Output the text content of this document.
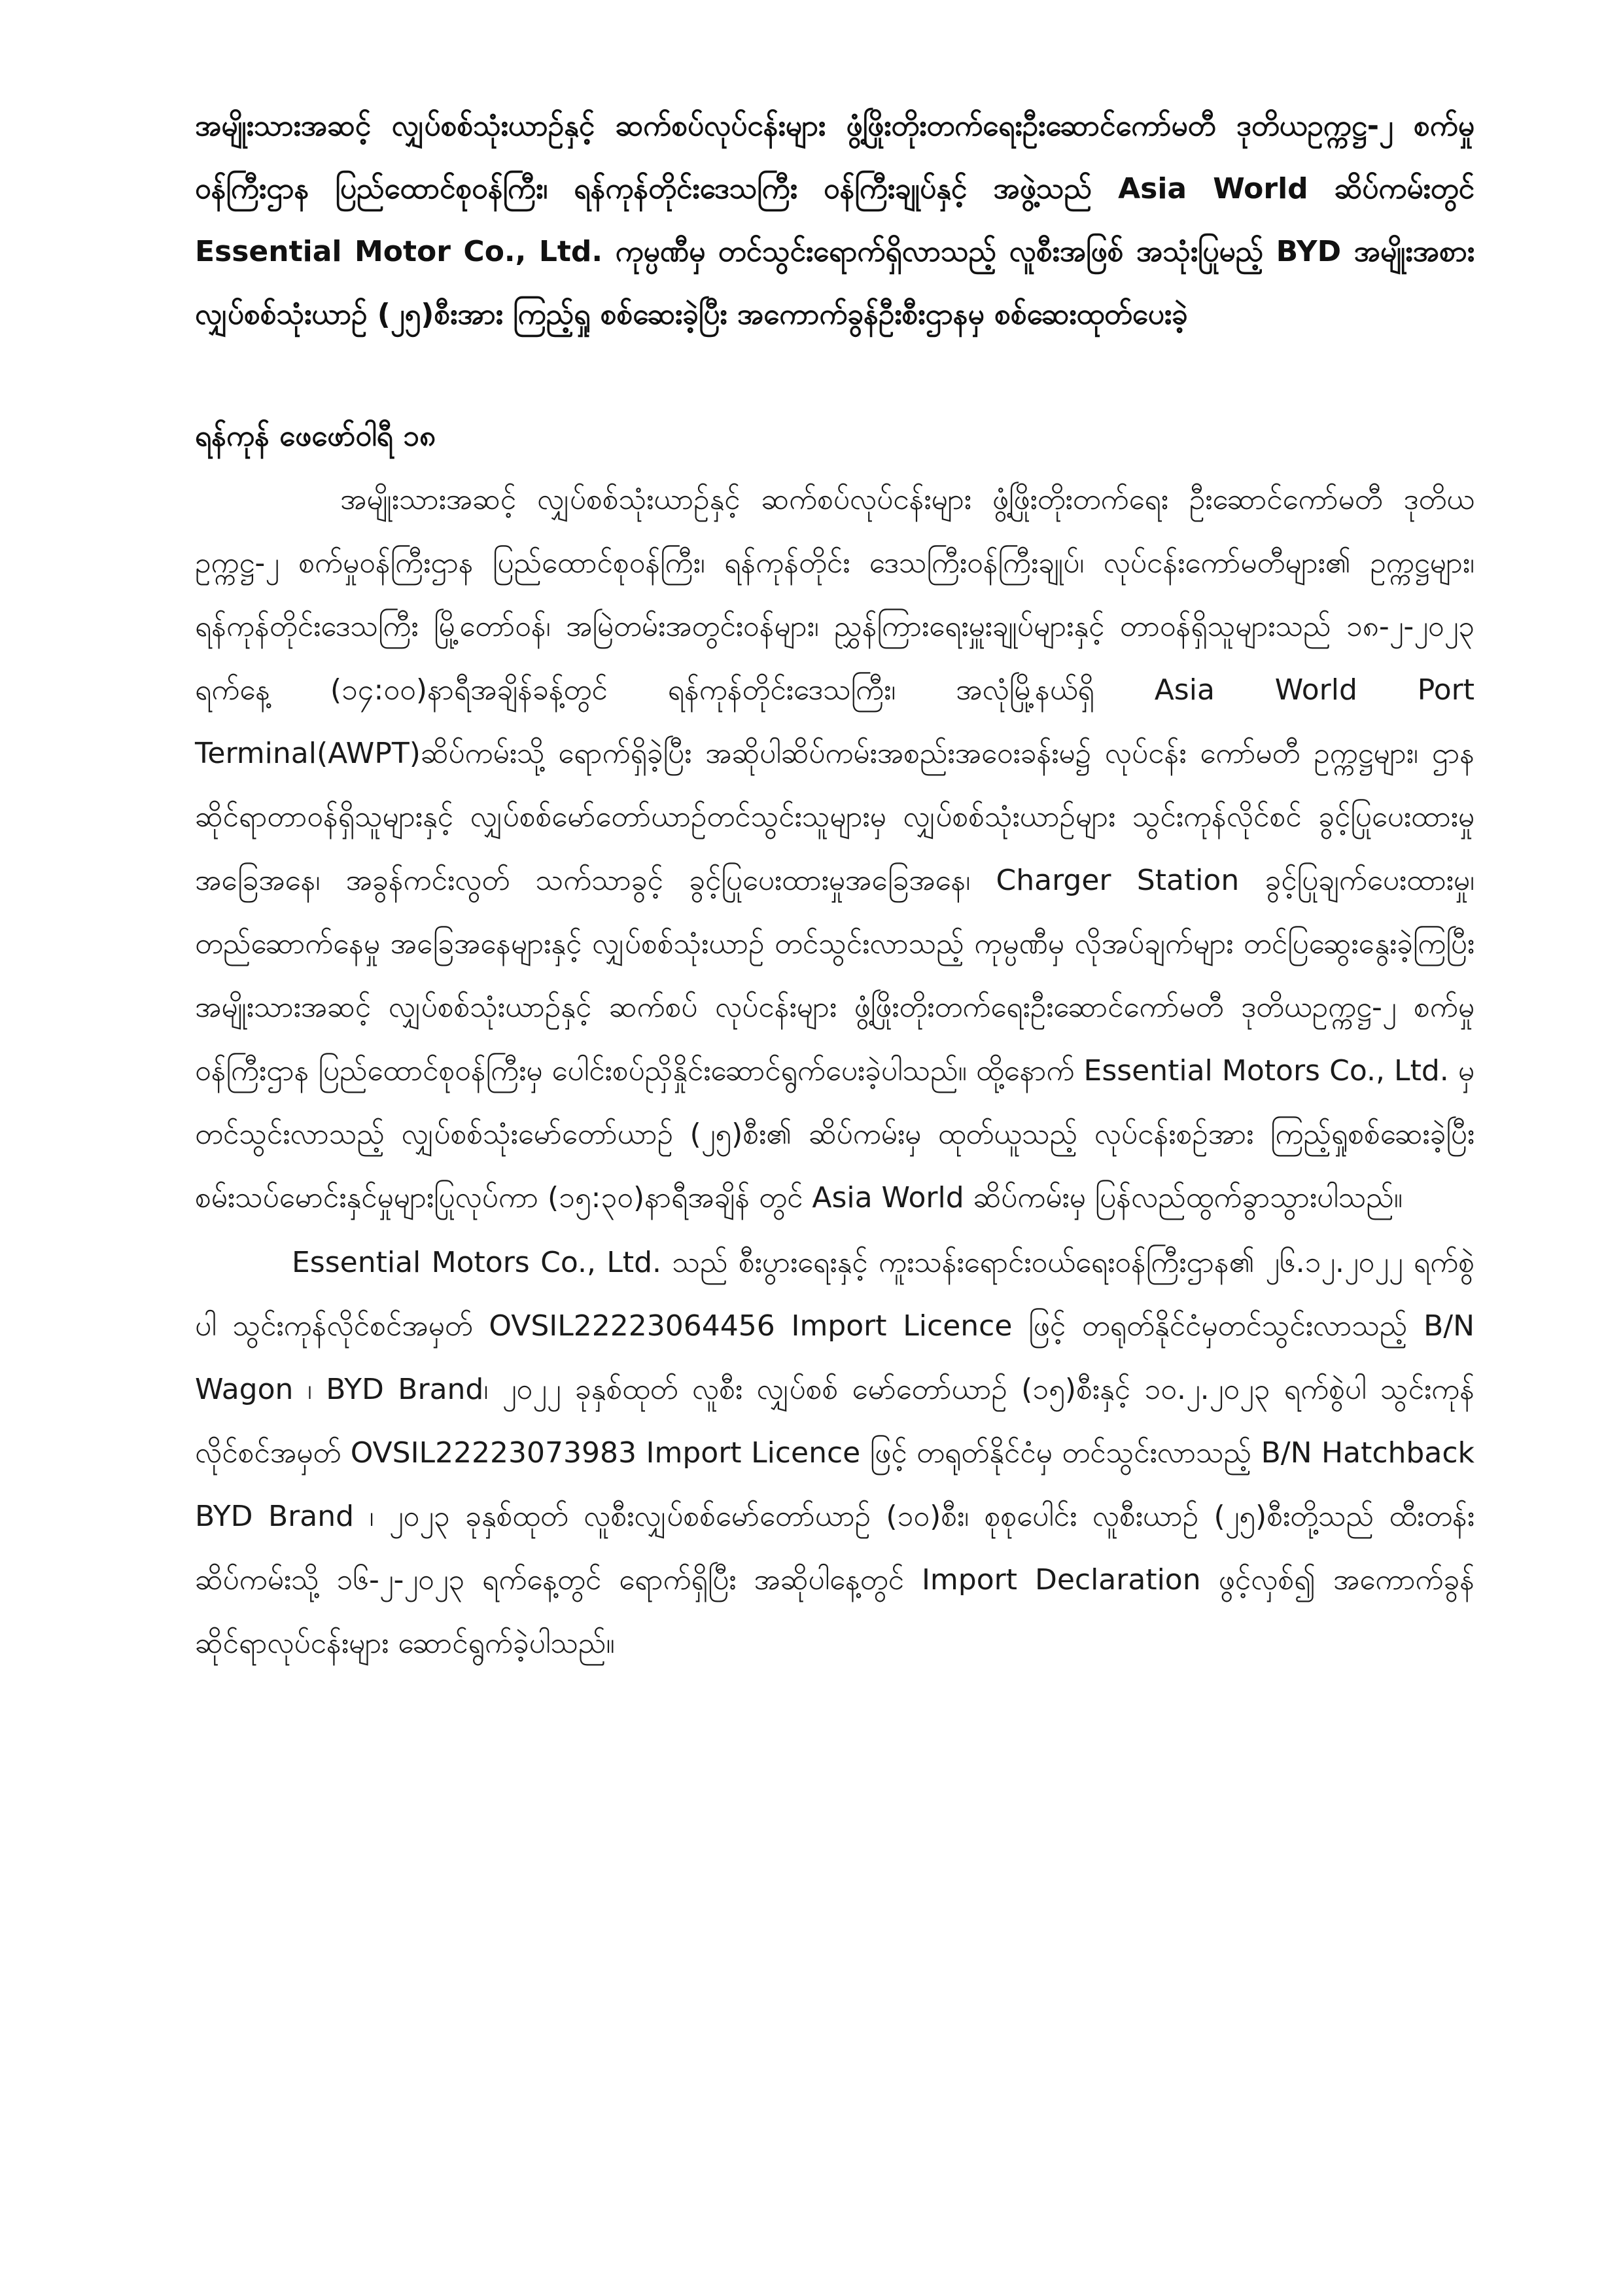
အမျိုးသားအဆင့် လျှပ်စစ်သုံးယာဉ်နှင့် ဆက်စပ်လုပ်ငန်းများ ဖွံ့ဖြိုးတိုးတက်ရေးဦးဆောင်ကော်မတီ ဒုတိယဥက္ကဋ္ဌ-၂ စက်မှုဝန်ကြီးဌာန ပြည်ထောင်စုဝန်ကြီး၊ ရန်ကုန်တိုင်းဒေသကြီး ဝန်ကြီးချုပ်နှင့် အဖွဲ့သည် Asia World ဆိပ်ကမ်းတွင် Essential Motor Co., Ltd. ကုမ္ပဏီမှ တင်သွင်းရောက်ရှိလာသည့် လူစီးအဖြစ် အသုံးပြုမည့် BYD အမျိုးအစား လျှပ်စစ်သုံးယာဉ် (၂၅)စီးအား ကြည့်ရှု စစ်ဆေးခဲ့ပြီး အကောက်ခွန်ဦးစီးဌာနမှ စစ်ဆေးထုတ်ပေးခဲ့

ရန်ကုန် ဖေဖော်ဝါရီ ၁၈

အမျိုးသားအဆင့် လျှပ်စစ်သုံးယာဉ်နှင့် ဆက်စပ်လုပ်ငန်းများ ဖွံ့ဖြိုးတိုးတက်ရေး ဦးဆောင်ကော်မတီ ဒုတိယဥက္ကဋ္ဌ-၂ စက်မှုဝန်ကြီးဌာန ပြည်ထောင်စုဝန်ကြီး၊ ရန်ကုန်တိုင်း ဒေသကြီးဝန်ကြီးချုပ်၊ လုပ်ငန်းကော်မတီများ၏ ဥက္ကဋ္ဌများ၊ ရန်ကုန်တိုင်းဒေသကြီး မြို့တော်ဝန်၊ အမြဲတမ်းအတွင်းဝန်များ၊ ညွှန်ကြားရေးမှူးချုပ်များနှင့် တာဝန်ရှိသူများသည် ၁၈-၂-၂၀၂၃ ရက်နေ့ (၁၄:၀၀)နာရီအချိန်ခန့်တွင် ရန်ကုန်တိုင်းဒေသကြီး၊ အလုံမြို့နယ်ရှိ Asia World Port Terminal(AWPT)ဆိပ်ကမ်းသို့ ရောက်ရှိခဲ့ပြီး အဆိုပါဆိပ်ကမ်းအစည်းအဝေးခန်းမ၌ လုပ်ငန်း ကော်မတီ ဥက္ကဋ္ဌများ၊ ဌာနဆိုင်ရာတာဝန်ရှိသူများနှင့် လျှပ်စစ်မော်တော်ယာဉ်တင်သွင်းသူများမှ လျှပ်စစ်သုံးယာဉ်များ သွင်းကုန်လိုင်စင် ခွင့်ပြုပေးထားမှုအခြေအနေ၊ အခွန်ကင်းလွတ် သက်သာခွင့် ခွင့်ပြုပေးထားမှုအခြေအနေ၊ Charger Station ခွင့်ပြုချက်ပေးထားမှု၊ တည်ဆောက်နေမှု အခြေအနေများနှင့် လျှပ်စစ်သုံးယာဉ် တင်သွင်းလာသည့် ကုမ္ပဏီမှ လိုအပ်ချက်များ တင်ပြဆွေးနွေးခဲ့ကြပြီး အမျိုးသားအဆင့် လျှပ်စစ်သုံးယာဉ်နှင့် ဆက်စပ် လုပ်ငန်းများ ဖွံ့ဖြိုးတိုးတက်ရေးဦးဆောင်ကော်မတီ ဒုတိယဥက္ကဋ္ဌ-၂ စက်မှုဝန်ကြီးဌာန ပြည်ထောင်စုဝန်ကြီးမှ ပေါင်းစပ်ညှိနှိုင်းဆောင်ရွက်ပေးခဲ့ပါသည်။ ထို့နောက် Essential Motors Co., Ltd. မှ တင်သွင်းလာသည့် လျှပ်စစ်သုံးမော်တော်ယာဉ် (၂၅)စီး၏ ဆိပ်ကမ်းမှ ထုတ်ယူသည့် လုပ်ငန်းစဉ်အား ကြည့်ရှုစစ်ဆေးခဲ့ပြီး စမ်းသပ်မောင်းနှင်မှုများပြုလုပ်ကာ (၁၅:၃၀)နာရီအချိန် တွင် Asia World ဆိပ်ကမ်းမှ ပြန်လည်ထွက်ခွာသွားပါသည်။

Essential Motors Co., Ltd. သည် စီးပွားရေးနှင့် ကူးသန်းရောင်းဝယ်ရေးဝန်ကြီးဌာန၏ ၂၆.၁၂.၂၀၂၂ ရက်စွဲပါ သွင်းကုန်လိုင်စင်အမှတ် OVSIL22223064456 Import Licence ဖြင့် တရုတ်နိုင်ငံမှတင်သွင်းလာသည့် B/N Wagon ၊ BYD Brand၊ ၂၀၂၂ ခုနှစ်ထုတ် လူစီး လျှပ်စစ် မော်တော်ယာဉ် (၁၅)စီးနှင့် ၁၀.၂.၂၀၂၃ ရက်စွဲပါ သွင်းကုန်လိုင်စင်အမှတ် OVSIL22223073983 Import Licence ဖြင့် တရုတ်နိုင်ငံမှ တင်သွင်းလာသည့် B/N Hatchback BYD Brand ၊ ၂၀၂၃ ခုနှစ်ထုတ် လူစီးလျှပ်စစ်မော်တော်ယာဉ် (၁၀)စီး၊ စုစုပေါင်း လူစီးယာဉ် (၂၅)စီးတို့သည် ထီးတန်းဆိပ်ကမ်းသို့ ၁၆-၂-၂၀၂၃ ရက်နေ့တွင် ရောက်ရှိပြီး အဆိုပါနေ့တွင် Import Declaration ဖွင့်လှစ်၍ အကောက်ခွန်ဆိုင်ရာလုပ်ငန်းများ ဆောင်ရွက်ခဲ့ပါသည်။
